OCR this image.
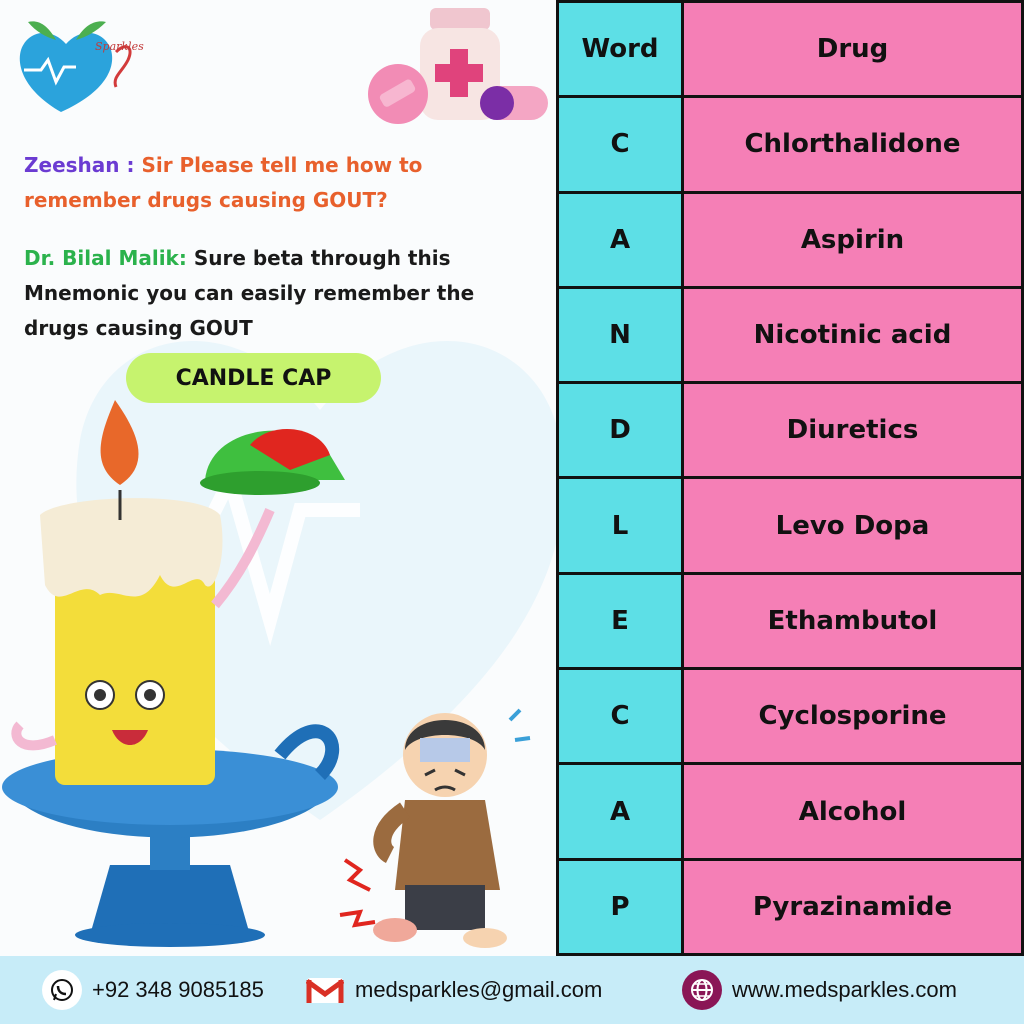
Sparkles
Zeeshan : Sir Please tell me how to remember drugs causing GOUT?
Dr. Bilal Malik: Sure beta through this Mnemonic you can easily remember the drugs causing GOUT
CANDLE CAP
Word	Drug
C	Chlorthalidone
A	Aspirin
N	Nicotinic acid
D	Diuretics
L	Levo Dopa
E	Ethambutol
C	Cyclosporine
A	Alcohol
P	Pyrazinamide
+92 348 9085185	medsparkles@gmail.com	www.medsparkles.com
